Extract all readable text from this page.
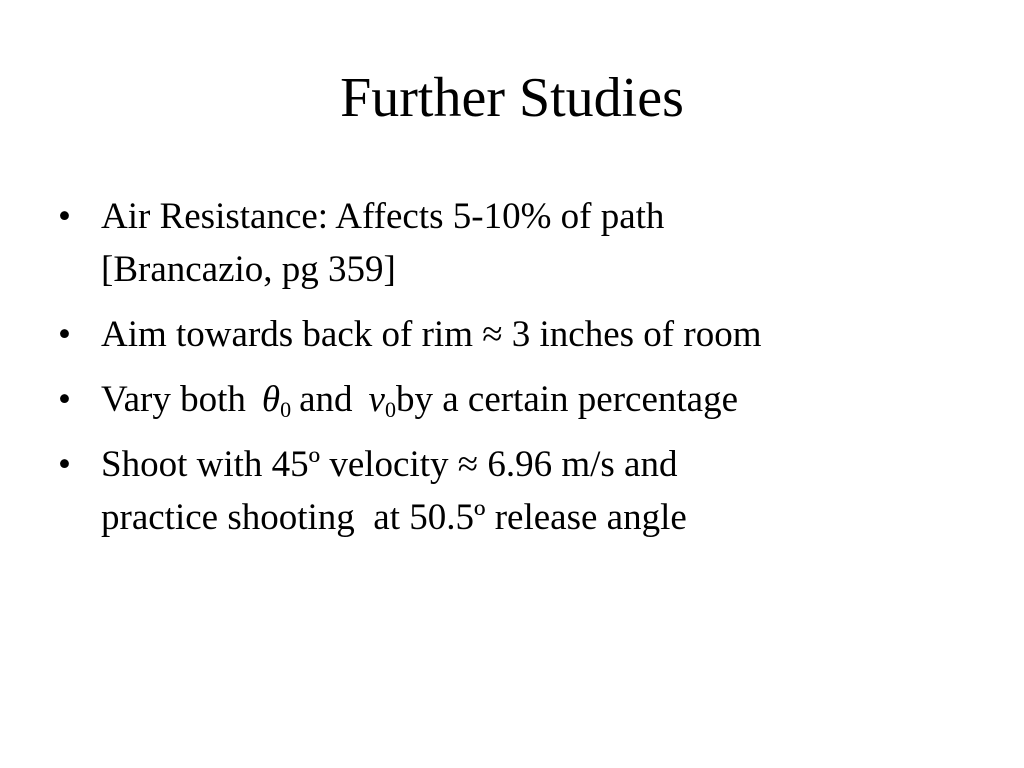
Further Studies
• Air Resistance: Affects 5-10% of path
[Brancazio, pg 359]
• Aim towards back of rim ≈ 3 inches of room
• Vary both $\theta_0$ and $v_0by$ a certain percentage
• Shoot with 45º velocity ≈ 6.96 m/s and
practice shooting  at 50.5º release angle
